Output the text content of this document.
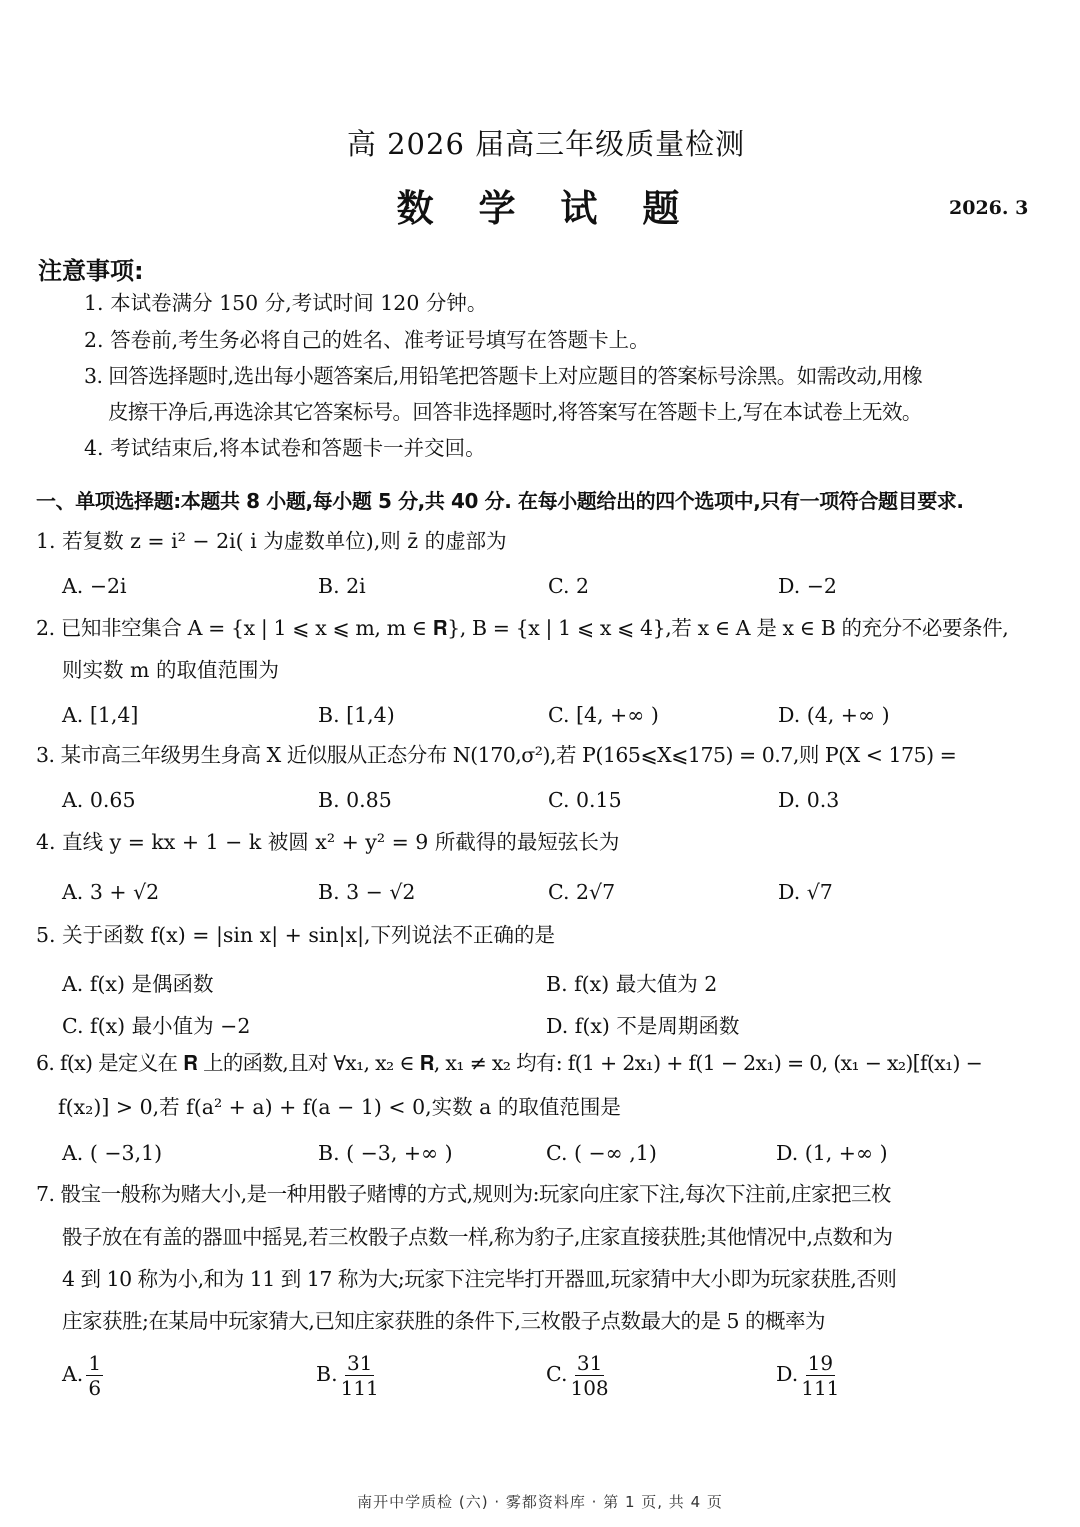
高 2026 届高三年级质量检测
数 学 试 题	2026. 3
注意事项:
1. 本试卷满分 150 分,考试时间 120 分钟。
2. 答卷前,考生务必将自己的姓名、准考证号填写在答题卡上。
3. 回答选择题时,选出每小题答案后,用铅笔把答题卡上对应题目的答案标号涂黑。如需改动,用橡
皮擦干净后,再选涂其它答案标号。回答非选择题时,将答案写在答题卡上,写在本试卷上无效。
4. 考试结束后,将本试卷和答题卡一并交回。
一、单项选择题:本题共 8 小题,每小题 5 分,共 40 分. 在每小题给出的四个选项中,只有一项符合题目要求.
1. 若复数 z = i² − 2i( i 为虚数单位),则 z̄ 的虚部为
A. −2i	B. 2i	C. 2	D. −2
2. 已知非空集合 A = {x | 1 ⩽ x ⩽ m, m ∈ 𝐑}, B = {x | 1 ⩽ x ⩽ 4},若 x ∈ A 是 x ∈ B 的充分不必要条件,
则实数 m 的取值范围为
A. [1,4]	B. [1,4)	C. [4, +∞ )	D. (4, +∞ )
3. 某市高三年级男生身高 X 近似服从正态分布 N(170,σ²),若 P(165⩽X⩽175) = 0.7,则 P(X < 175) =
A. 0.65	B. 0.85	C. 0.15	D. 0.3
4. 直线 y = kx + 1 − k 被圆 x² + y² = 9 所截得的最短弦长为
A. 3 + √2	B. 3 − √2	C. 2√7	D. √7
5. 关于函数 f(x) = |sin x| + sin|x|,下列说法不正确的是
A. f(x) 是偶函数	B. f(x) 最大值为 2
C. f(x) 最小值为 −2	D. f(x) 不是周期函数
6. f(x) 是定义在 𝐑 上的函数,且对 ∀x₁, x₂ ∈ 𝐑, x₁ ≠ x₂ 均有: f(1 + 2x₁) + f(1 − 2x₁) = 0, (x₁ − x₂)[f(x₁) −
f(x₂)] > 0,若 f(a² + a) + f(a − 1) < 0,实数 a 的取值范围是
A. ( −3,1)	B. ( −3, +∞ )	C. ( −∞ ,1)	D. (1, +∞ )
7. 骰宝一般称为赌大小,是一种用骰子赌博的方式,规则为:玩家向庄家下注,每次下注前,庄家把三枚
骰子放在有盖的器皿中摇晃,若三枚骰子点数一样,称为豹子,庄家直接获胜;其他情况中,点数和为
4 到 10 称为小,和为 11 到 17 称为大;玩家下注完毕打开器皿,玩家猜中大小即为玩家获胜,否则
庄家获胜;在某局中玩家猜大,已知庄家获胜的条件下,三枚骰子点数最大的是 5 的概率为
A. $\frac{1}{6}$	B. $\frac{31}{111}$	C. $\frac{31}{108}$	D. $\frac{19}{111}$
南开中学质检 (六) · 雾都资料库 · 第 1 页, 共 4 页
